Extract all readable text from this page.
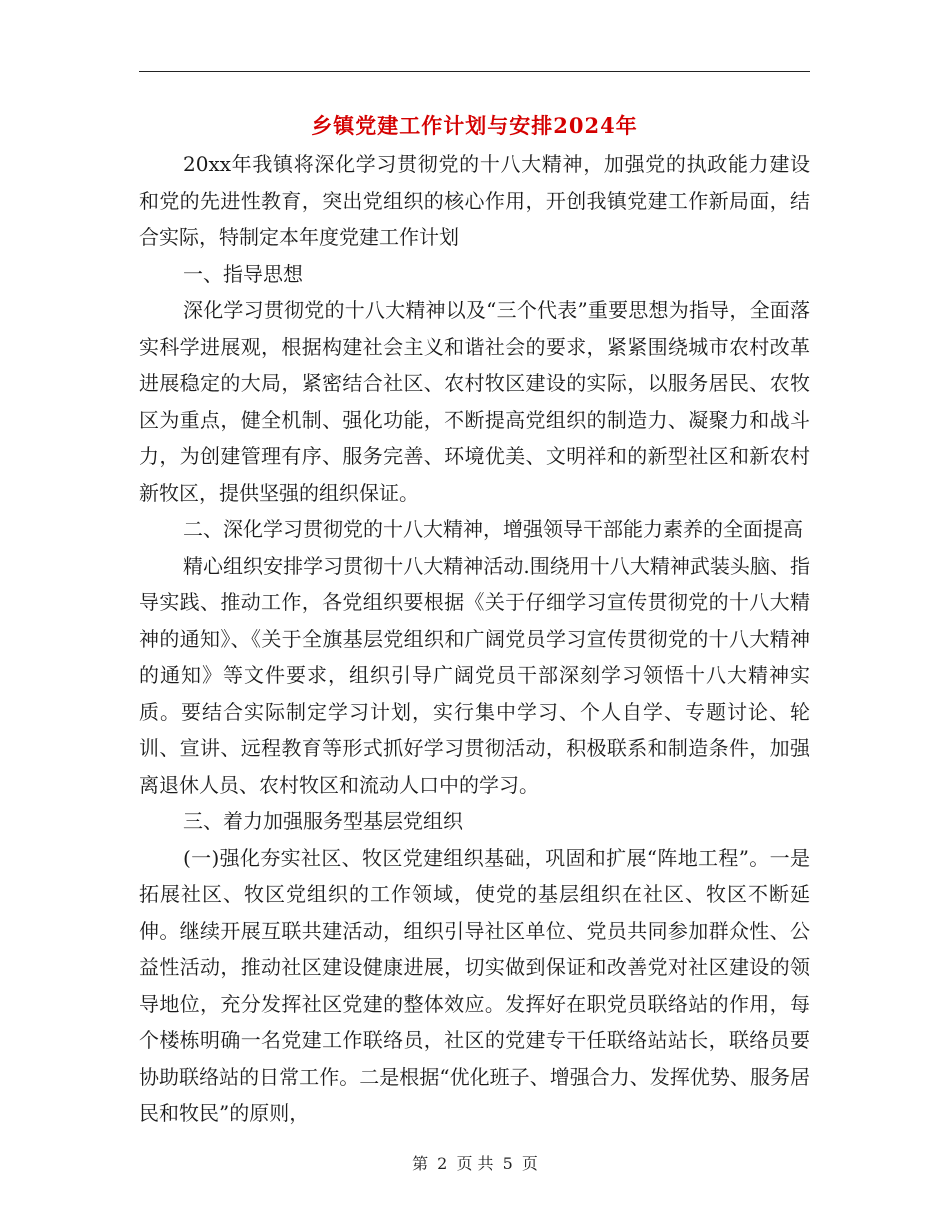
乡镇党建工作计划与安排2024年

20xx年我镇将深化学习贯彻党的十八大精神，加强党的执政能力建设和党的先进性教育，突出党组织的核心作用，开创我镇党建工作新局面，结合实际，特制定本年度党建工作计划

一、指导思想

深化学习贯彻党的十八大精神以及“三个代表”重要思想为指导，全面落实科学进展观，根据构建社会主义和谐社会的要求，紧紧围绕城市农村改革进展稳定的大局，紧密结合社区、农村牧区建设的实际，以服务居民、农牧区为重点，健全机制、强化功能，不断提高党组织的制造力、凝聚力和战斗力，为创建管理有序、服务完善、环境优美、文明祥和的新型社区和新农村新牧区，提供坚强的组织保证。

二、深化学习贯彻党的十八大精神，增强领导干部能力素养的全面提高

精心组织安排学习贯彻十八大精神活动.围绕用十八大精神武装头脑、指导实践、推动工作，各党组织要根据《关于仔细学习宣传贯彻党的十八大精神的通知》、《关于全旗基层党组织和广阔党员学习宣传贯彻党的十八大精神的通知》等文件要求，组织引导广阔党员干部深刻学习领悟十八大精神实质。要结合实际制定学习计划，实行集中学习、个人自学、专题讨论、轮训、宣讲、远程教育等形式抓好学习贯彻活动，积极联系和制造条件，加强离退休人员、农村牧区和流动人口中的学习。

三、着力加强服务型基层党组织

(一)强化夯实社区、牧区党建组织基础，巩固和扩展“阵地工程”。一是拓展社区、牧区党组织的工作领域，使党的基层组织在社区、牧区不断延伸。继续开展互联共建活动，组织引导社区单位、党员共同参加群众性、公益性活动，推动社区建设健康进展，切实做到保证和改善党对社区建设的领导地位，充分发挥社区党建的整体效应。发挥好在职党员联络站的作用，每个楼栋明确一名党建工作联络员，社区的党建专干任联络站站长，联络员要协助联络站的日常工作。二是根据“优化班子、增强合力、发挥优势、服务居民和牧民”的原则，

第 2 页 共 5 页
